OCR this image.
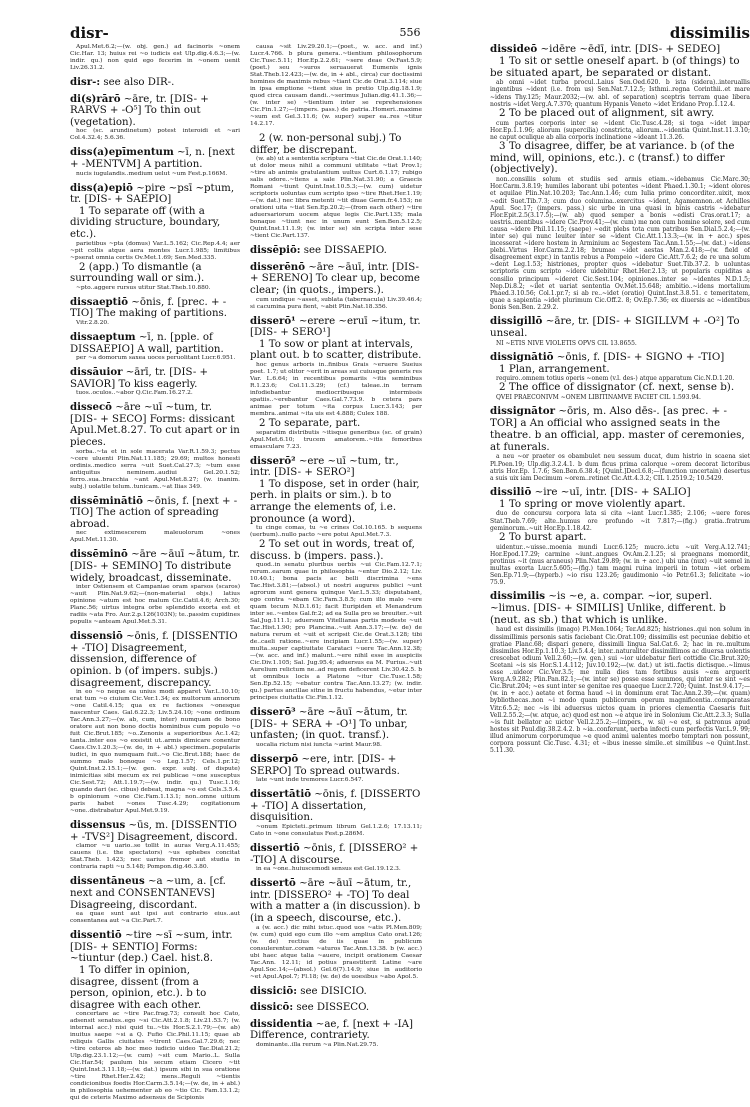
disr-	556	dissimilis
Apul.Met.6.2;—(w. obj. gen.) ad facinoris ~onem Cic.Har. 13; huius rei ~o iudicis est Ulp.dig.4.6.3;—(w. indir. qu.) non quid ego fecerim in ~onem uenit Liv.26.31.2.
disr-: see also DIR-.
di(s)rārō ~āre, tr. [DIS- + RARVS + -O⁵] To thin out (vegetation).
hoc (sc. arundinetum) potest interoidi et ~ari Col.4.32.4; 5.6.36.
diss(a)epīmentum ~ī, n. [next + -MENTVM] A partition.
nucis iugulandis..medium uelut ~um Fest.p.166M.
diss(a)epiō ~pire ~psī ~ptum, tr. [DIS- + SAEPIO]
1 To separate off (with a dividing structure, boundary, etc.).
parietibus ~pta (domus) Var.L.5.162; Cic.Rep.4.4; aer ~pit collis atque aera montes Lucr.1.985; limitibus ~pserat omnia certis Ov.Met.1.69; Sen.Med.335.
2 (app.) To dismantle (a surrounding wall or sim.).
~pto..aggere rursus utitur Stat.Theb.10.880.
dissaeptiō ~ōnis, f. [prec. + -TIO] The making of partitions.
Vitr.2.8.20.
dissaeptum ~ī, n. [pple. of DISSAEPIO] A wall, partition.
per ~a domorum saxea uoces peruolitant Lucr.6.951.
dissāuior ~ārī, tr. [DIS- + SAVIOR] To kiss eagerly.
tuos..oculos..~abor Q.Cic.Fam.16.27.2.
dissecō ~āre ~uī ~tum, tr. [DIS- + SECO] Forms: dissicant Apul.Met.8.27. To cut apart or in pieces.
sorba..~ta et in sole macerata Var.R.1.59.3; pectus ~cere uluenti Plin.Nat.11.185; 29.69; multos honesti ordinis..medico serra ~uit Suet.Cal.27.3; ~tum esse antiquitus neminem..audiui Gel.20.1.52; ferro..sua..bracchia ~ant Apul.Met.8.27; (w. inanim. subj.) uolatile telum..tunicam..~at Ilias 349.
dissēminātiō ~ōnis, f. [next + -TIO] The action of spreading abroad.
nec extimescerem maleuolorum ~ones Apul.Met.11.30.
dissēminō ~āre ~āuī ~ātum, tr. [DIS- + SEMINO] To distribute widely, broadcast, disseminate.
inter Ostiensem et Campaniae oram sparsos (scaros) ~auit Plin.Nat.9.62;—(non-material objs.) latius opinione ~atum est hoc malum Cic.Catil.4.6; Arch.30; Planc.56; uirtus integra orbe splendido exorta est et radiis ~ata Fro. Aur.2.p.126(103N); te..passim cupidines populis ~anteam Apul.Met.5.31.
dissensiō ~ōnis, f. [DISSENTIO + -TIO] Disagreement, dissension, difference of opinion. b (of impers. subjs.) disagreement, discrepancy.
in eo ~o neque ea unius modi apparet Var.L.10.10; erat tum ~o ciuium Cic.Ver.1.34; ex multorum annorum ~one Catil.4.15; qua ex re factiones ~onesque nascentur Caes. Gal.6.22.3; Liv.5.24.10; ~one ordinum Tac.Ann.3.27;—(w. ab, cum, inter) numquam de bono oratore aut non bono doctis hominibus cum populo ~o fuit Cic.Brut.185; ~o..Zenonis a superioribus Ac.1.42; tanta..inter eos ~o exsistit ut..armis dimicare conentur Caes.Civ.1.20.3;—(w. de, in + abl.) specimen..popularis iudici, in quo numquam fuit..~o Cic.Brut.188; haec de summo malo bonoque ~o Leg.1.57; Cels.1.pr.12; Quint.Inst.2.15.1;—(w. gen. expr. subj. of dispute) inimicitias sibi mecum ex rei publicae ~one susceptus Cic.Sest.72; Att.1.19.7;—(w. indir. qu.) Tusc.1.16; quando dari (sc. cibus) debeat, magna ~o est Cels.3.5.4. b opinionum ~one Cic.Fam.1.13.1; non..omne uitium paris habet ~ones Tusc.4.29; cogitationum ~one..distrabatur Apul.Met.9.19.
dissensus ~ūs, m. [DISSENTIO + -TVS²] Disagreement, discord.
clamor ~u uario..se tollit in auras Verg.A.11.455; cauens (i.e. the spectators) ~us ephebes concitat Stat.Theb. 1.423; nec uarius fremor aut studia in contraria rapti ~u 5.148; Pompon.dig.46.3.80.
dissentāneus ~a ~um, a. [cf. next and CONSENTANEVS] Disagreeing, discordant.
ea quae sunt aut ipsi aut contrario eius..aut consentanea aut ~a Cic.Part.7.
dissentiō ~tire ~sī ~sum, intr. [DIS- + SENTIO] Forms: ~tiuntur (dep.) Cael. hist.8.
1 To differ in opinion, disagree, dissent (from a person, opinion, etc.). b to disagree with each other.
concertare ac ~tire Pac.frag.73; consult hoc Cato, adsensit senatus..ego ~si Cic.Att.2.1.8; Liv.21.53.7; (w. internal acc.) nisi quid tu..~tis Hor.S.2.1.79;—(w. ab) inuitus saepe ~si a Q. Fufio Cic.Phil.11.15; quae ab reliquis Gallis ciuitates ~tirent Caes.Gal.7.29.6; nec ~tire ceteros ab hoc meo iudicio uideo Tac.Dial.21.2; Ulp.dig.23.1.12;—(w. cum) ~sit cum Mario..L. Sulla Cic.Har.54; paulum his secum etiam Cicero ~tit Quint.Inst.3.11.18;—(w. dat.) ipsum sibi in sua oratione ~tire Rhet.Her.2.42; mens..Reguli ~tientis condicionibus foedis Hor.Carm.3.5.14;—(w. de, in + abl.) in philosophia uehementer ab eo ~tio Cic. Fam.13.1.2; qui de ceteris Maximo adsensus de Scipionis
causa ~sit Liv.29.20.1;—(poet., w. acc. and inf.) Lucr.4.766. b plura genera..~tientium philosophorum Cic.Tusc.5.11; Hor.Ep.2.2.61; ~sere deae Ov.Fast.5.9; (poet.) seu ~suros seruauerat Eumenis ignis Stat.Theb.12.423;—(w. de, in + abl., circa) cur doctissimi homines de maximis rebus ~tiant Cic.de Orat.3.114; siue in ipsa emptione ~tient siue in pretio Ulp.dig.18.1.9; quod circa causam dandi..~serimus Julian.dig.41.1.36;—(w. inter se) ~tientium inter se reprehensiones Cic.Fin.1.27;—(impers. pass.) de patria..Homeri..maxime ~sum est Gel.3.11.6; (w. super) super ea..res ~titur 14.2.17.
2 (w. non-personal subj.) To differ, be discrepant.
(w. ab) ut a sententia scriptura ~tiat Cic.de Orat.1.140; ut dolor meus nihil a communi utilitate ~tiat Prov.1; ~tire ab animis gratulantium uultus Curt.6.1.17; rubigo salis odore..~tiens a sale Plin.Nat.31.90; a Graecis Romani ~tiunt Quint.Inst.10.5.3;—(w. cum) uidetur scriptoris uoluntas cum scripto ipso ~tire Rhet.Her.1.19;—(w. dat.) nec libra metenti ~tit diuae Germ.fr.4.153; ne orationi uita ~tiat Sen.Ep.20.2;—(from each other) ~tire aduersariorum uocem atque legis Cic.Part.135; mala bonaque ~tiunt nec in unum eunt Sen.Ben.5.12.5; Quint.Inst.11.1.9; (w. inter se) sin scripta inter sese ~tient Cic.Part.137.
dissēpiō: see DISSAEPIO.
disserēnō ~āre ~āuī, intr. [DIS- + SERENO] To clear up, become clear; (in quots., impers.).
cum undique ~asset, sublata (tabernacula) Liv.39.46.4; si cacumina pura fient, ~abit Plin.Nat.18.356.
disserō¹ ~erere ~eruī ~itum, tr. [DIS- + SERO¹]
1 To sow or plant at intervals, plant out. b to scatter, distribute.
hoc genus arboris in..finibus Grais ~eruere Sueius poet. 1.7; ut olitor ~erit in areas sui cuiusque generis res Var. L.6.64; in recentibus pomariis ~itis seminibus R.1.23.6; Col.11.3.29; (cf.) taleae..in terram infodiebantur mediocribusque intermissis spatiis..~erebantur Caes.Gal.7.73.9. b cetera pars animae per totum ~ita corpus Lucr.3.143; per membra..animai ~ita uis est 4.888; Culex 188.
2 To separate, part.
separatim distributis ~itisque generibus (sc. of grain) Apul.Met.6.10; trucem amatorem..~itis femoribus emasculare 7.23.
disserō² ~ere ~uī ~tum, tr., intr. [DIS- + SERO²]
1 To dispose, set in order (hair, perh. in plaits or sim.). b to arrange the elements of, i.e. pronounce (a word).
tu cinge comas, tu ~e crines Col.10.165. b sequens (uerbum)..nullo pacto ~ere potui Apul.Met.7.3.
2 To set out in words, treat of, discuss. b (impers. pass.).
quod..in senatu pluribus uerbis ~ui Cic.Fam.12.7.1; rerum..earum quae in philosophia ~entur Dio.2.12; Liv. 10.40.1; bona pacis ac belli discrimina ~ens Tac.Hist.3.81;—(absol.) ut nostri augures publici ~unt agrorum sunt genera quinque Var.L.5.33; disputabant, ego contra ~ebam Cic.Fam.3.8.5; cum illo malo ~ere quam tecum N.D.1.61; facit Euripiden et Menandrum inter se..~entes Gal.fr.2; ad ea Sulla pro se breuiter..~uit Sal.Jug.111.1; aduersum Vitellianas partis modeste ~uit Tac.Hist.1.90; pro Plancina..~uit Ann.3.17;—(w. de) de natura rerum et ~uit et scripsit Cic.de Orat.3.128; tibi de..caeli ratione..~ere incipiam Lucr.1.55;—(w. super) multa..super captiuitate Carataci ~uere Tac.Ann.12.38;—(w. acc. and inf.) malunt..~ere nihil esse in auspiciis Cic.Div.1.105; Sal. Jug.95.4; aduersus ea M. Furius..~uit Aurelium relictum ne..ad regem deficerent Liv.30.42.5. b ut omnibus locis a Platone ~itur Cic.Tusc.1.58; Sen.Ep.52.15; ~ebatur contra Tac.Ann.13.27; (w. indir. qu.) partus ancillae sitne in fructu habendus, ~etur inter principes ciuitatis Cic.Fin.1.12.
disserō³ ~āre ~āuī ~ātum, tr. [DIS- + SERA + -O¹] To unbar, unfasten; (in quot. transf.).
uocalia rictum nisi iuncta ~arint Maur.98.
disserpō ~ere, intr. [DIS- + SERPO] To spread outwards.
late ~unt inde tremores Lucr.6.547.
dissertātiō ~ōnis, f. [DISSERTO + -TIO] A dissertation, disquisition.
~onum Epicteti..primum librum Gel.1.2.6; 17.13.11; Cato in ~one consulatus Fest.p.286M.
dissertiō ~ōnis, f. [DISSERO² + -TIO] A discourse.
in ea ~one..huiuscemodi sensus est Gel.19.12.3.
dissertō ~āre ~āuī ~ātum, tr., intr. [DISSERO² + -TO] To deal with a matter a (in discussion). b (in a speech, discourse, etc.).
a (w. acc.) dic mihi istuc..quod uos ~atis Pl.Men.809; (w. cum) quid ego cum illo ~em amplius Cato orat.126; (w. de) rectius de iis quae in publicum consulerentur..coram ~aturos Tac.Ann.13.38. b (w. acc.) ubi haec atque talia ~auere, incipit orationem Caesar Tac.Ann. 12.11; id potius praestiterit Latine ~are Apul.Soc.14;—(absol.) Gel.6(7).14.9; siue in auditorio ~et Apul.Apol.7; Fl.18; (w. de) de uoesibus ~abo Apol.5.
dissiciō: see DISICIO.
dissicō: see DISSECO.
dissidentia ~ae, f. [next + -IA] Difference, contrariety.
dominante..illa rerum ~a Plin.Nat.29.75.
dissideō ~idēre ~ēdī, intr. [DIS- + SEDEO]
1 To sit or settle oneself apart. b (of things) to be situated apart, be separated or distant.
ab omni ~idet turba procul..Laius Sen.Oed.620. b ista (sidera)..interuallis ingentibus ~ident (i.e. from us) Sen.Nat.7.12.5; Isthmi..regna Corinthii..et mare ~idens Thy.125; Maur.2032;—(w. abl. of separation) sceptris terram quae libera nostris ~idet Verg.A.7.370; quantum Hypanis Veneto ~idet Eridano Prop.1.12.4.
2 To be placed out of alignment, sit awry.
cum partes corporis inter se ~ident Cic.Tusc.4.28; si toga ~idet impar Hor.Ep.1.1.96; aliorum (supercilia) constricta, aliorum..~identia Quint.Inst.11.3.10; ne caput oculique ab alia corporis inclinatione ~ideant 11.3.26.
3 To disagree, differ, be at variance. b (of the mind, will, opinions, etc.). c (transf.) to differ (objectively).
non..consiliis solum et studiis sed armis etiam..~idebamus Cic.Marc.30; Hor.Carm.3.8.19; humiles laborant ubi potentes ~ident Phaed.1.30.1; ~ident olores et aquilae Plin.Nat.10.203; Tac.Ann.1.46; cum Iulia primo concorditer..uixit, mox ~edit Suet.Tib.7.3; cum duo columina..exercitus ~ident, Agamemnon..et Achilles Apul. Soc.17; (impers. pass.) sic urbe in una quasi in binis castris ~idebatur Flor.Epit.2.5(3.17.5);—(w. ab) quod semper a bonis ~edisti Cras.orat.17; a uestris..mentibus ~idere Cic.Prov.41;—(w. cum) me non cum homine solere, sed cum causa ~idere Phil.11.15; (saepe) ~edit plebs tota cum patribus Sen.Dial.5.2.4;—(w. inter se) qui nunc leuiter inter se ~ident Cic.Att.1.13.3;—(w. in + acc.) spes incesserat ~idere hostem in Arminium ac Segestem Tac.Ann.1.55;—(w. dat.) ~idens plebi..Virtus Hor.Carm.2.2.18; brumae ~idet aestas Man.2.418;—(w. field of disagreement expr.) in tantis rebus a Pompeio ~idere Cic.Att.7.6.2; de re una solum ~dent Leg.1.53; histriones, propter quos ~idebatur Suet.Tib.37.2. b uoluntas scriptoris cum scripto ~idere uidebitur Rhet.Her.2.13; ut popularis cupiditas a consilio principum ~ideret Cic.Sest.104; opiniones..inter se ~identes N.D.1.5; Nep.Di.8.2; ~ilet et uariat sententia Ov.Met.15.648; ambitio..~idens mortalium Phaed.3.10.56; Col.1.pr.7; si ab re..~idet (oratio) Quint.Inst.3.8.51. c temeritatem, quae a sapientia ~idet plurimum Cic.Off.2. 8; Ov.Ep.7.36; ex diuersis ac ~identibus bonis Sen.Ben. 2.29.2.
dissigillō ~āre, tr. [DIS- + SIGILLVM + -O²] To unseal.
NI ~ETIS NIVE VIOLETIS OPVS CIL 13.8655.
dissignātiō ~ōnis, f. [DIS- + SIGNO + -TIO]
1 Plan, arrangement.
requiro..omnem totius operis ~onem (v.l. des-) atque apparatum Cic.N.D.1.20.
2 The office of dissignator (cf. next, sense b).
QVEI PRAECONIVM ~ONEM LIBITINAMVE FACIET CIL 1.593.94.
dissignātor ~ōris, m. Also dēs-. [as prec. + -TOR] a An official who assigned seats in the theatre. b an official, app. master of ceremonies, at funerals.
a neu ~or praeter os obambulet neu sessum ducat, dum histrio in scaena siet Pl.Poen.19; Ulp.dig.3.2.4.1. b dum ficus prima calorque ~orem decorat lictoribus atris Hor.Ep. 1.7.6; Sen.Ben.6.38.4; [Quint.]Decl.6.8;—(function uncertain) desertus a suis uix iam Decimum ~orem..retinet Cic.Att.4.3.2; CIL 1.2519.2; 10.5429.
dissiliō ~ire ~uī, intr. [DIS- + SALIO]
1 To spring or move violently apart.
duo de concursu corpora lata si cita ~iant Lucr.1.385; 2.106; ~uere fores Stat.Theb.7.69; alte..humus ore profundo ~it 7.817;—(fig.) gratia..fratrum geminorum..~uit Hor.Ep.1.18.42.
2 To burst apart.
uidentur..~uisse..moenia mundi Lucr.6.125; mucro..ictu ~uit Verg.A.12.741; Hor.Epod.17.29; carmine ~iunt..angues Ov.Am.2.1.25; si praegnans momordit, protinus ~it (mus araneus) Plin.Nat.29.89; (w. in + acc.) ubi una (nux) ~uit semel in multas exorta Lucr.5.605;—(fig.) tam magni ruina imperii in totum ~iet orbem Sen.Ep.71.9;—(hyperb.) ~io risu 123.26; gaudimonio ~io Petr.61.3; felicitate ~io 75.9.
dissimilis ~is ~e, a. compar. ~ior, superl. ~limus. [DIS- + SIMILIS] Unlike, different. b (neut. as sb.) that which is unlike.
haud est dissimilis (imago) Pl.Men.1064; Ter.Ad.825; histriones..qui non solum in dissimillimis personis satis faciebant Cic.Orat.109; dissimilis est pecuniae debitio et gratiae Planc.68; dispari genere, dissimili lingua Sal.Cat.6. 2; hac in re..multum dissimiles Hor.Ep.1.10.3; Liv.5.4.4; inter..naturaliter dissimillimos ac diuersa uolentis crescebat odium Vell.2.60;—(w. gen.) sui ~ior uidebatur fieri cottidie Cic.Brut.320; Scetani ~is sis Hor.S.1.4.112; Juv.10.192;—(w. dat.) ut isti..factis dictisque..~limus esse ..uideor Cic.Ver.3.5; me nulla dies tam fortibus ausis ~em arguerit Verg.A.9.282; Plin.Pan.82.1;—(w. inter se) posse esse summos, qui inter se sint ~es Cic.Brut.204; ~es sunt inter se genitae res quaeque Lucr.2.720; Quint. Inst.9.4.17;—(w. in + acc.) aetate et forma haud ~i in dominum erat Tac.Ann.2.39;—(w. quam) bybliothecas..non ~i modo quam publicorum operum magnificentia..comparatas Vitr.6.5.2; nec ~is ibi aduersus uictos quam in priores clementia Caesaris fuit Vell.2.55.2;—(w. atque, ac) quod est non ~e atque ire in Solonium Cic.Att.2.3.3; Sulla ~is fuit bellator ac uictor Vell.2.25.2;—(impers., w. si) ~e est, si patronus apud hostes sit Paul.dig.38.2.4.2. b ~ia..conferunt, uerba infecti cum perfectis Var.L.9. 99; illud animorum corporumque ~e quod animi ualentes morbo temptari non possunt, corpora possunt Cic.Tusc. 4.31; et ~ibus inesse simile..et similibus ~e Quint.Inst. 5.11.30.
